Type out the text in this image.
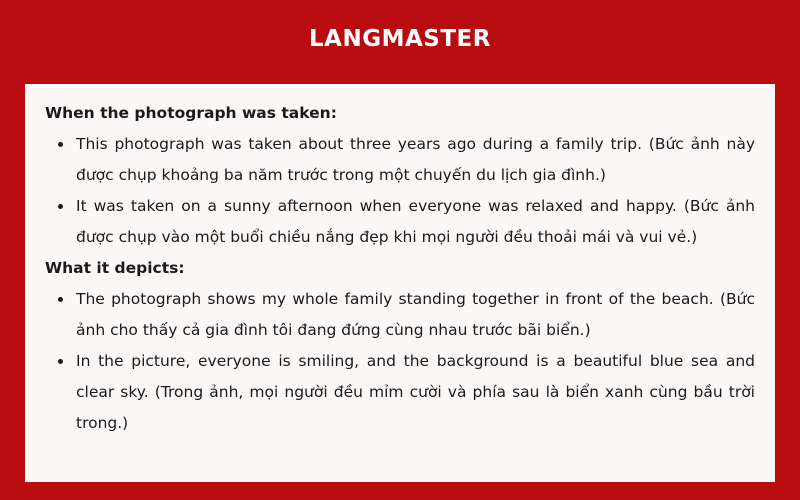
LANGMASTER
When the photograph was taken:
This photograph was taken about three years ago during a family trip. (Bức ảnh này được chụp khoảng ba năm trước trong một chuyến du lịch gia đình.)
It was taken on a sunny afternoon when everyone was relaxed and happy. (Bức ảnh được chụp vào một buổi chiều nắng đẹp khi mọi người đều thoải mái và vui vẻ.)
What it depicts:
The photograph shows my whole family standing together in front of the beach. (Bức ảnh cho thấy cả gia đình tôi đang đứng cùng nhau trước bãi biển.)
In the picture, everyone is smiling, and the background is a beautiful blue sea and clear sky. (Trong ảnh, mọi người đều mỉm cười và phía sau là biển xanh cùng bầu trời trong.)
